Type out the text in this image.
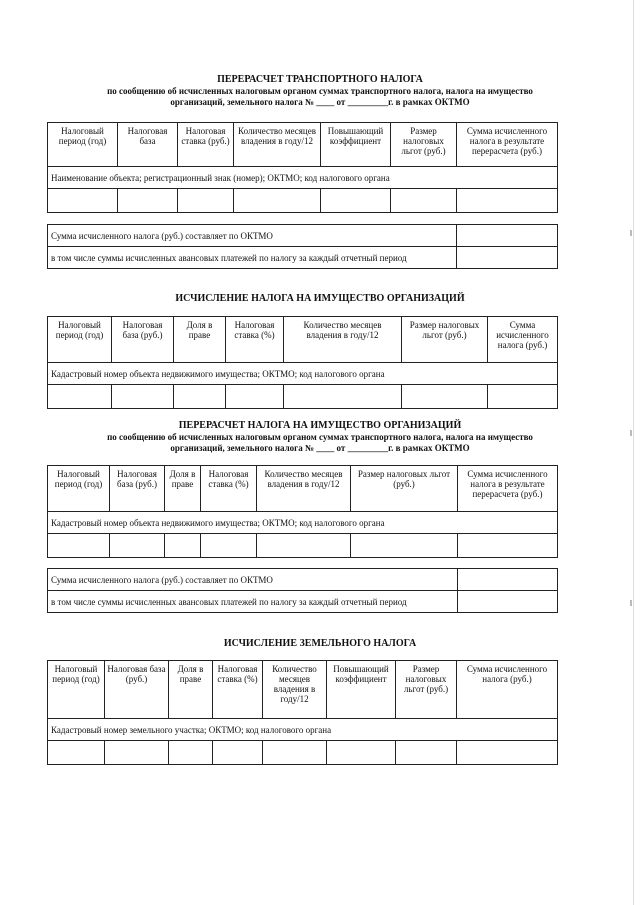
ПЕРЕРАСЧЕТ ТРАНСПОРТНОГО НАЛОГА
по сообщению об исчисленных налоговым органом суммах транспортного налога, налога на имущество
организаций, земельного налога № ____ от _________г. в рамках ОКТМО
Налоговый период (год)	Налоговая база	Налоговая ставка (руб.)	Количество месяцев владения в году/12	Повышающий коэффициент	Размер налоговых льгот (руб.)	Сумма исчисленного налога в результате перерасчета (руб.)
Наименование объекта; регистрационный знак (номер); ОКТМО; код налогового органа						

Сумма исчисленного налога (руб.) составляет по ОКТМО	
в том числе суммы исчисленных авансовых платежей по налогу за каждый отчетный период	
ИСЧИСЛЕНИЕ НАЛОГА НА ИМУЩЕСТВО ОРГАНИЗАЦИЙ
Налоговый период (год)	Налоговая база (руб.)	Доля в праве	Налоговая ставка (%)	Количество месяцев владения в году/12	Размер налоговых льгот (руб.)	Сумма исчисленного налога (руб.)
Кадастровый номер объекта недвижимого имущества; ОКТМО; код налогового органа						

ПЕРЕРАСЧЕТ НАЛОГА НА ИМУЩЕСТВО ОРГАНИЗАЦИЙ
по сообщению об исчисленных налоговым органом суммах транспортного налога, налога на имущество
организаций, земельного налога № ____ от _________г. в рамках ОКТМО
Налоговый период (год)	Налоговая база (руб.)	Доля в праве	Налоговая ставка (%)	Количество месяцев владения в году/12	Размер налоговых льгот (руб.)	Сумма исчисленного налога в результате перерасчета (руб.)
Кадастровый номер объекта недвижимого имущества; ОКТМО; код налогового органа						

Сумма исчисленного налога (руб.) составляет по ОКТМО	
в том числе суммы исчисленных авансовых платежей по налогу за каждый отчетный период	
ИСЧИСЛЕНИЕ ЗЕМЕЛЬНОГО НАЛОГА
Налоговый период (год)	Налоговая база (руб.)	Доля в праве	Налоговая ставка (%)	Количество месяцев владения в году/12	Повышающий коэффициент	Размер налоговых льгот (руб.)	Сумма исчисленного налога (руб.)
Кадастровый номер земельного участка; ОКТМО; код налогового органа							
